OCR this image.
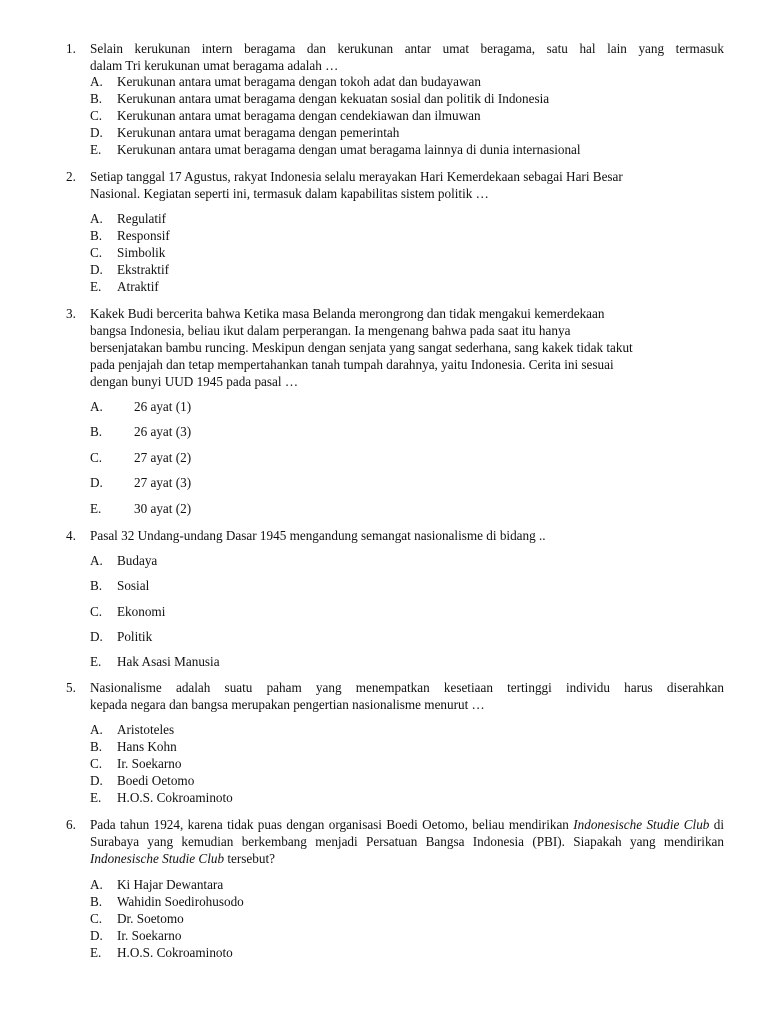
1. Selain kerukunan intern beragama dan kerukunan antar umat beragama, satu hal lain yang termasuk

dalam Tri kerukunan umat beragama adalah …

A. Kerukunan antara umat beragama dengan tokoh adat dan budayawan
B. Kerukunan antara umat beragama dengan kekuatan sosial dan politik di Indonesia
C. Kerukunan antara umat beragama dengan cendekiawan dan ilmuwan
D. Kerukunan antara umat beragama dengan pemerintah
E. Kerukunan antara umat beragama dengan umat beragama lainnya di dunia internasional
2. Setiap tanggal 17 Agustus, rakyat Indonesia selalu merayakan Hari Kemerdekaan sebagai Hari Besar

Nasional. Kegiatan seperti ini, termasuk dalam kapabilitas sistem politik …

A. Regulatif
B. Responsif
C. Simbolik
D. Ekstraktif
E. Atraktif
3. Kakek Budi bercerita bahwa Ketika masa Belanda merongrong dan tidak mengakui kemerdekaan

bangsa Indonesia, beliau ikut dalam perperangan. Ia mengenang bahwa pada saat itu hanya

bersenjatakan bambu runcing. Meskipun dengan senjata yang sangat sederhana, sang kakek tidak takut

pada penjajah dan tetap mempertahankan tanah tumpah darahnya, yaitu Indonesia. Cerita ini sesuai

dengan bunyi UUD 1945 pada pasal …

A. 26 ayat (1)
B. 26 ayat (3)
C. 27 ayat (2)
D. 27 ayat (3)
E. 30 ayat (2)
4. Pasal 32 Undang-undang Dasar 1945 mengandung semangat nasionalisme di bidang ..

A. Budaya
B. Sosial
C. Ekonomi
D. Politik
E. Hak Asasi Manusia
5. Nasionalisme adalah suatu paham yang menempatkan kesetiaan tertinggi individu harus diserahkan

kepada negara dan bangsa merupakan pengertian nasionalisme menurut …

A. Aristoteles
B. Hans Kohn
C. Ir. Soekarno
D. Boedi Oetomo
E. H.O.S. Cokroaminoto
6. Pada tahun 1924, karena tidak puas dengan organisasi Boedi Oetomo, beliau mendirikan Indonesische Studie Club di Surabaya yang kemudian berkembang menjadi Persatuan Bangsa Indonesia (PBI). Siapakah yang mendirikan Indonesische Studie Club tersebut?
A. Ki Hajar Dewantara
B. Wahidin Soedirohusodo
C. Dr. Soetomo
D. Ir. Soekarno
E. H.O.S. Cokroaminoto
